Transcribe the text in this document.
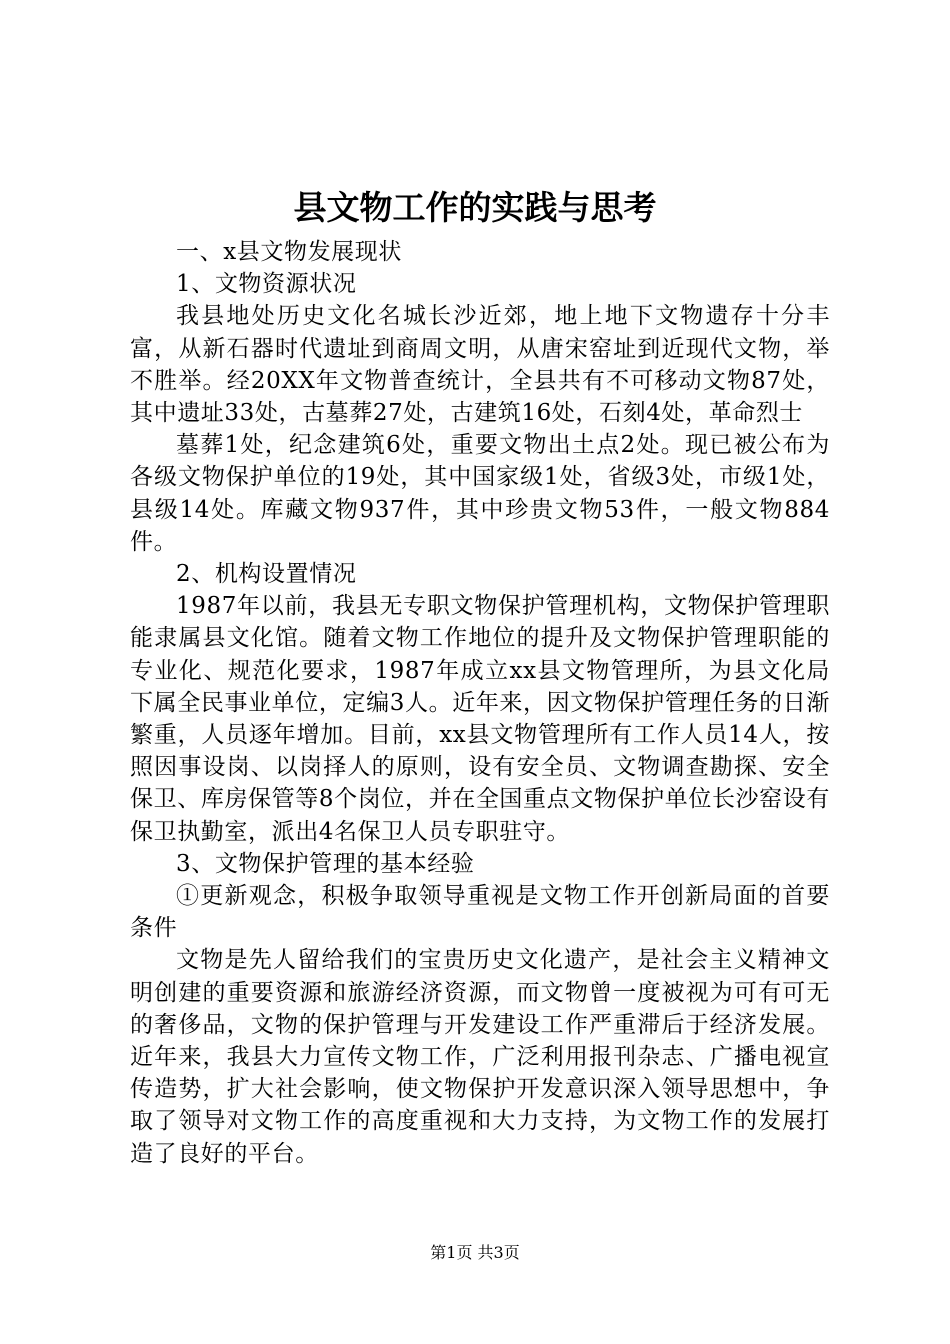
县文物工作的实践与思考

一、x县文物发展现状

1、文物资源状况

我县地处历史文化名城长沙近郊，地上地下文物遗存十分丰富，从新石器时代遗址到商周文明，从唐宋窑址到近现代文物，举不胜举。经20XX年文物普查统计，全县共有不可移动文物87处，其中遗址33处，古墓葬27处，古建筑16处，石刻4处，革命烈士

墓葬1处，纪念建筑6处，重要文物出土点2处。现已被公布为各级文物保护单位的19处，其中国家级1处，省级3处，市级1处，县级14处。库藏文物937件，其中珍贵文物53件，一般文物884件。

2、机构设置情况

1987年以前，我县无专职文物保护管理机构，文物保护管理职能隶属县文化馆。随着文物工作地位的提升及文物保护管理职能的专业化、规范化要求，1987年成立xx县文物管理所，为县文化局下属全民事业单位，定编3人。近年来，因文物保护管理任务的日渐繁重，人员逐年增加。目前，xx县文物管理所有工作人员14人，按照因事设岗、以岗择人的原则，设有安全员、文物调查勘探、安全保卫、库房保管等8个岗位，并在全国重点文物保护单位长沙窑设有保卫执勤室，派出4名保卫人员专职驻守。

3、文物保护管理的基本经验

①更新观念，积极争取领导重视是文物工作开创新局面的首要条件

文物是先人留给我们的宝贵历史文化遗产，是社会主义精神文明创建的重要资源和旅游经济资源，而文物曾一度被视为可有可无的奢侈品，文物的保护管理与开发建设工作严重滞后于经济发展。近年来，我县大力宣传文物工作，广泛利用报刊杂志、广播电视宣传造势，扩大社会影响，使文物保护开发意识深入领导思想中，争取了领导对文物工作的高度重视和大力支持，为文物工作的发展打造了良好的平台。

第1页 共3页
